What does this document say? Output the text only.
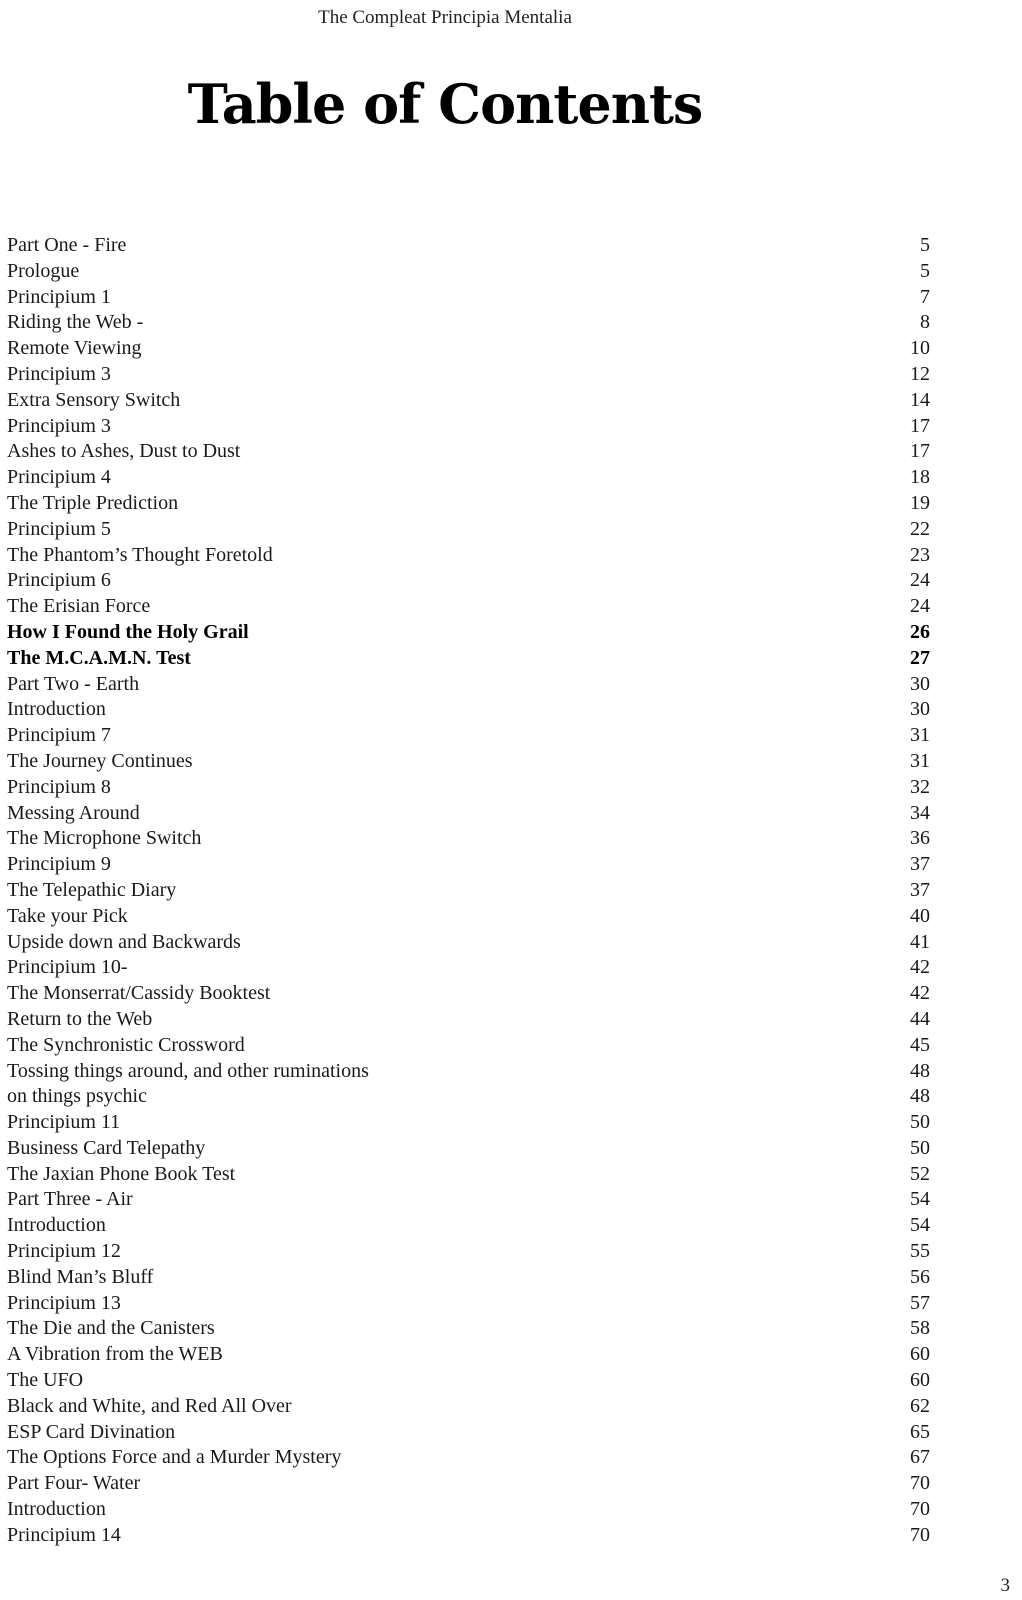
The Compleat Principia Mentalia
Table of Contents
Part One - Fire	5
Prologue	5
Principium 1	7
Riding the Web -	8
Remote Viewing	10
Principium 3	12
Extra Sensory Switch	14
Principium 3	17
Ashes to Ashes, Dust to Dust	17
Principium 4	18
The Triple Prediction	19
Principium 5	22
The Phantom’s Thought Foretold	23
Principium 6	24
The Erisian Force	24
How I Found the Holy Grail	26
The M.C.A.M.N. Test	27
Part Two - Earth	30
Introduction	30
Principium 7	31
The Journey Continues	31
Principium 8	32
Messing Around	34
The Microphone Switch	36
Principium 9	37
The Telepathic Diary	37
Take your Pick	40
Upside down and Backwards	41
Principium 10-	42
The Monserrat/Cassidy Booktest	42
Return to the Web	44
The Synchronistic Crossword	45
Tossing things around, and other ruminations	48
on things psychic	48
Principium 11	50
Business Card Telepathy	50
The Jaxian Phone Book Test	52
Part Three - Air	54
Introduction	54
Principium 12	55
Blind Man’s Bluff	56
Principium 13	57
The Die and the Canisters	58
A Vibration from the WEB	60
The UFO	60
Black and White, and Red All Over	62
ESP Card Divination	65
The Options Force and a Murder Mystery	67
Part Four- Water	70
Introduction	70
Principium 14	70
3
